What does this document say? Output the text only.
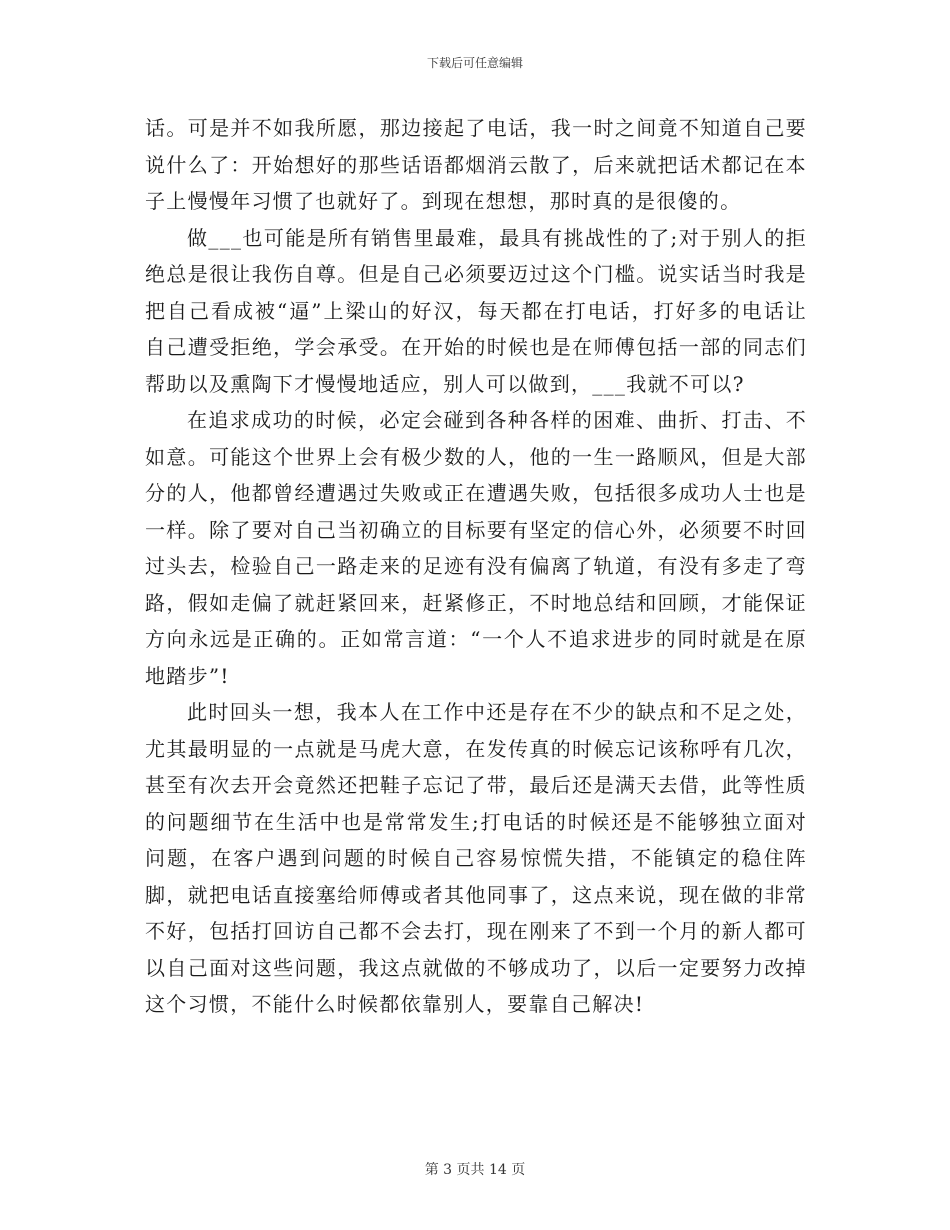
下载后可任意编辑

话。可是并不如我所愿，那边接起了电话，我一时之间竟不知道自己要说什么了：开始想好的那些话语都烟消云散了，后来就把话术都记在本子上慢慢年习惯了也就好了。到现在想想，那时真的是很傻的。

做___也可能是所有销售里最难，最具有挑战性的了;对于别人的拒绝总是很让我伤自尊。但是自己必须要迈过这个门槛。说实话当时我是把自己看成被“逼”上梁山的好汉，每天都在打电话，打好多的电话让自己遭受拒绝，学会承受。在开始的时候也是在师傅包括一部的同志们帮助以及熏陶下才慢慢地适应，别人可以做到，___我就不可以?

在追求成功的时候，必定会碰到各种各样的困难、曲折、打击、不如意。可能这个世界上会有极少数的人，他的一生一路顺风，但是大部分的人，他都曾经遭遇过失败或正在遭遇失败，包括很多成功人士也是一样。除了要对自己当初确立的目标要有坚定的信心外，必须要不时回过头去，检验自己一路走来的足迹有没有偏离了轨道，有没有多走了弯路，假如走偏了就赶紧回来，赶紧修正，不时地总结和回顾，才能保证方向永远是正确的。正如常言道：“一个人不追求进步的同时就是在原地踏步”!

此时回头一想，我本人在工作中还是存在不少的缺点和不足之处，尤其最明显的一点就是马虎大意，在发传真的时候忘记该称呼有几次，甚至有次去开会竟然还把鞋子忘记了带，最后还是满天去借，此等性质的问题细节在生活中也是常常发生;打电话的时候还是不能够独立面对问题，在客户遇到问题的时候自己容易惊慌失措，不能镇定的稳住阵脚，就把电话直接塞给师傅或者其他同事了，这点来说，现在做的非常不好，包括打回访自己都不会去打，现在刚来了不到一个月的新人都可以自己面对这些问题，我这点就做的不够成功了，以后一定要努力改掉这个习惯，不能什么时候都依靠别人，要靠自己解决!

第 3 页共 14 页
